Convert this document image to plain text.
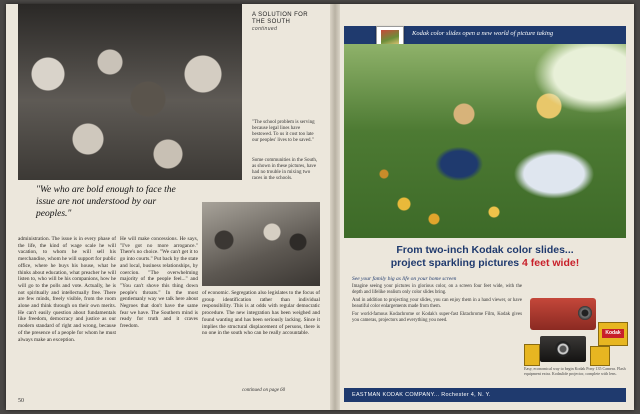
A SOLUTION FOR THE SOUTH
continued
"The school problem is serving because legal lines have bestowed. To us it cost too late our peoples' lives to be saved."
Some communities in the South, as shown in these pictures, have had no trouble in mixing two races in the schools.
"We who are bold enough to face the issue are not understood by our peoples."
administration. The issue is in every phase of the life, the kind of wage scale he will vacation, to whom he will sell his merchandise, whom he will support for public office, where he buys his house, what he thinks about education, what preacher he will listen to, who will be his companions, how he will go to the polls and vote. Actually, he is not spiritually and intellectually free. There are few minds, freely visible, from the room alone and think through on their own merits. He can't easily question about fundamentals like freedom, democracy and justice as our modern standard of right and wrong, because of the presence of a people for whom he must always make an exception.
He will make concessions. He says, "I've got no more arrogance." There's no choice. "We can't get it to go into courts." Put back by the state and local, business relationships, by coercion. "The overwhelming majority of the people feel..." and "You can't shove this thing down people's throats." In the most gentlemanly way we talk here about Negroes that don't have the same fear we have. The Southern mind is ready for truth and it craves freedom.
of economic. Segregation also legislates to the focus of group identification rather than individual responsibility. This is at odds with regular democratic procedure. The new integration has been weighed and found wanting and has been seriously lacking. Since it implies the structural displacement of persons, there is no one in the south who can be really accountable.
continued on page 60
50
Kodak color slides open a new world of picture taking
From two-inch Kodak color slides...
project sparkling pictures 4 feet wide!
See your family big as life on your home screen

Imagine seeing your pictures in glorious color, on a screen four feet wide, with the depth and lifelike realism only color slides bring.

And in addition to projecting your slides, you can enjoy them in a hand viewer, or have beautiful color enlargements made from them.

For world-famous Kodachrome or Kodak's super-fast Ektachrome Film, Kodak gives you cameras, projectors and everything you need.

Kodak
Easy, economical way to begin Kodak Pony 135 Camera. Flash equipment extra. Kodaslide projector, complete with lens.
EASTMAN KODAK COMPANY... Rochester 4, N. Y.
